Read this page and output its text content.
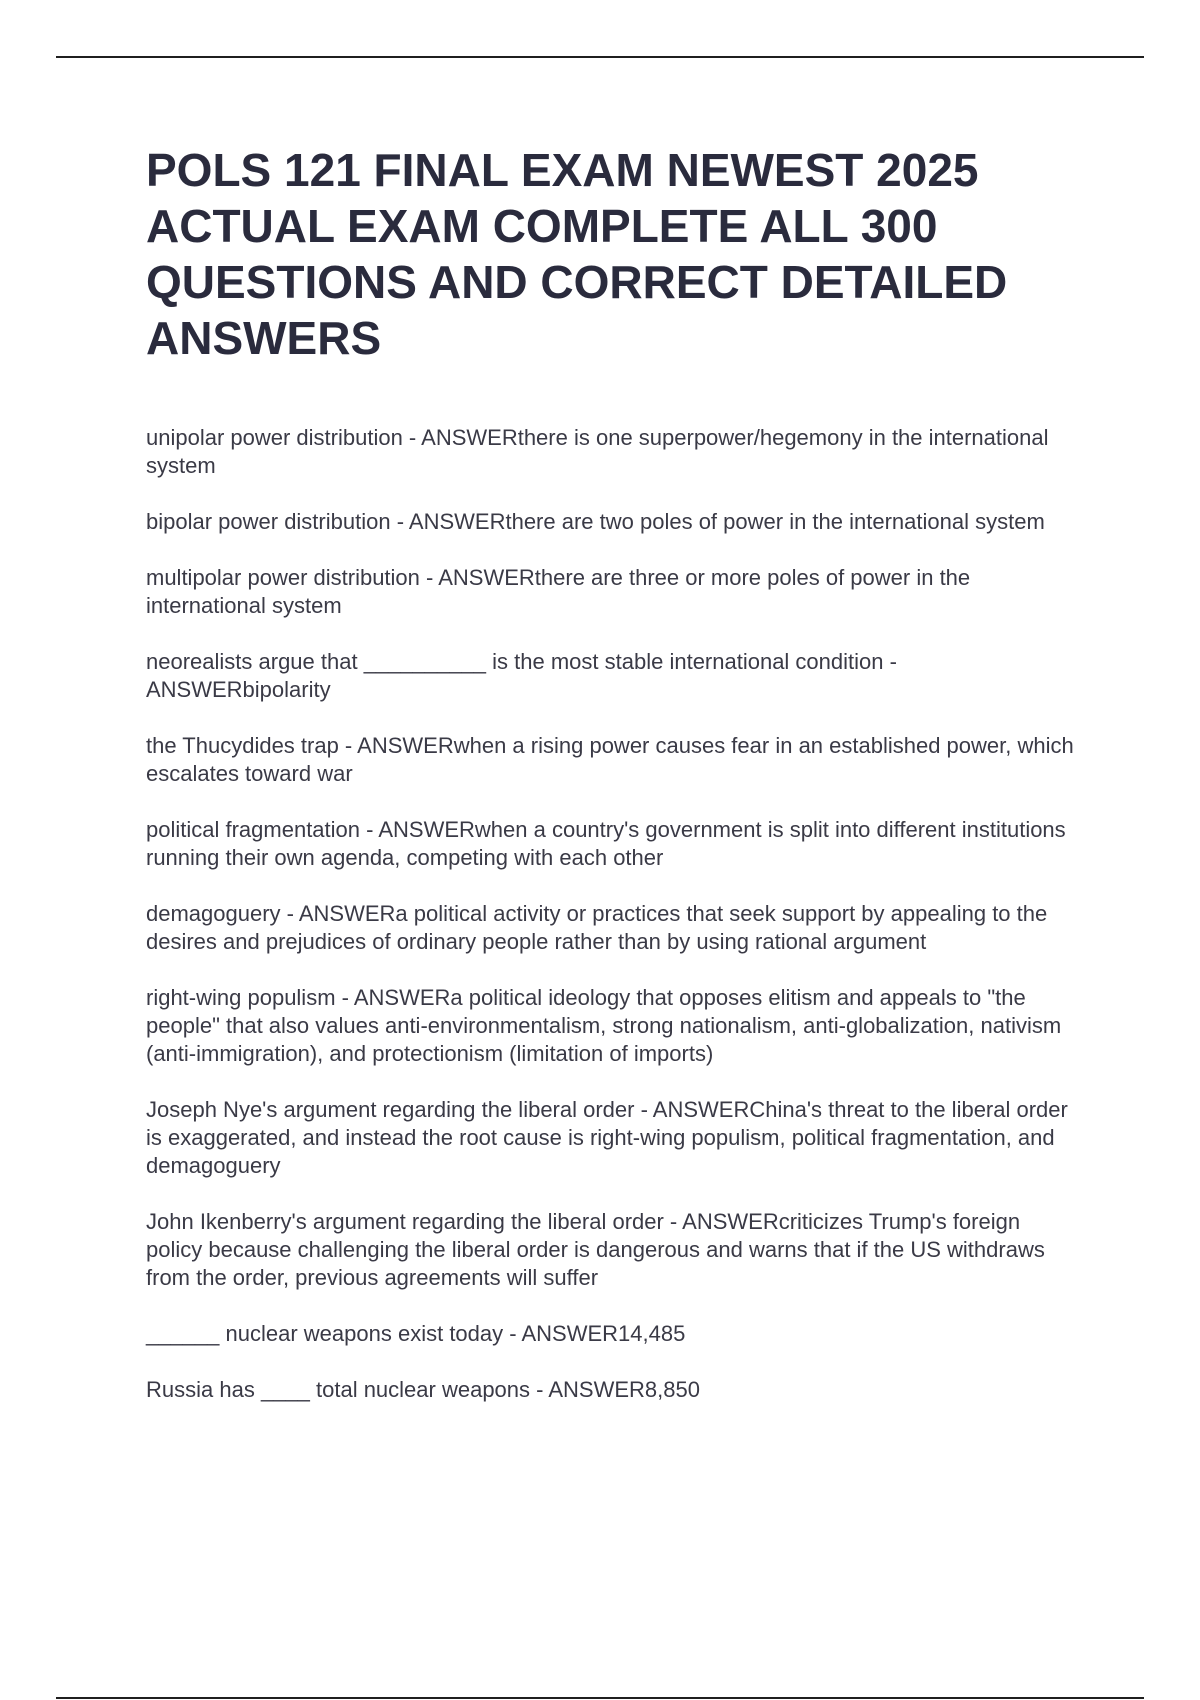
POLS 121 FINAL EXAM NEWEST 2025 ACTUAL EXAM COMPLETE ALL 300 QUESTIONS AND CORRECT DETAILED ANSWERS

unipolar power distribution - ANSWERthere is one superpower/hegemony in the international system

bipolar power distribution - ANSWERthere are two poles of power in the international system

multipolar power distribution - ANSWERthere are three or more poles of power in the international system

neorealists argue that __________ is the most stable international condition - ANSWERbipolarity

the Thucydides trap - ANSWERwhen a rising power causes fear in an established power, which escalates toward war

political fragmentation - ANSWERwhen a country's government is split into different institutions running their own agenda, competing with each other

demagoguery - ANSWERa political activity or practices that seek support by appealing to the desires and prejudices of ordinary people rather than by using rational argument

right-wing populism - ANSWERa political ideology that opposes elitism and appeals to "the people" that also values anti-environmentalism, strong nationalism, anti-globalization, nativism (anti-immigration), and protectionism (limitation of imports)

Joseph Nye's argument regarding the liberal order - ANSWERChina's threat to the liberal order is exaggerated, and instead the root cause is right-wing populism, political fragmentation, and demagoguery

John Ikenberry's argument regarding the liberal order - ANSWERcriticizes Trump's foreign policy because challenging the liberal order is dangerous and warns that if the US withdraws from the order, previous agreements will suffer

______ nuclear weapons exist today - ANSWER14,485

Russia has ____ total nuclear weapons - ANSWER8,850
